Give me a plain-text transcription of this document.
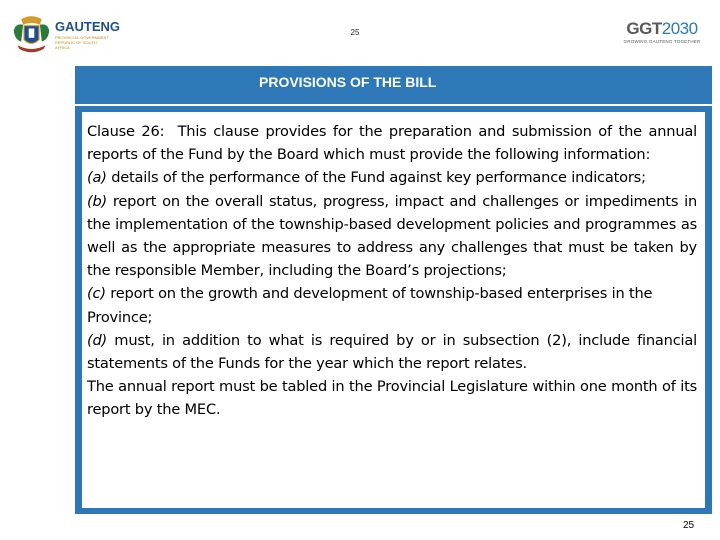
GAUTENG
PROVINCIAL GOVERNMENT
REPUBLIC OF SOUTH AFRICA
25	GGT2030
GROWING GAUTENG TOGETHER
PROVISIONS OF THE BILL

Clause 26: This clause provides for the preparation and submission of the annual reports of the Fund by the Board which must provide the following information:

(a) details of the performance of the Fund against key performance indicators;

(b) report on the overall status, progress, impact and challenges or impediments in the implementation of the township-based development policies and programmes as well as the appropriate measures to address any challenges that must be taken by the responsible Member, including the Board’s projections;

(c) report on the growth and development of township-based enterprises in the Province;

(d) must, in addition to what is required by or in subsection (2), include financial statements of the Funds for the year which the report relates.

The annual report must be tabled in the Provincial Legislature within one month of its report by the MEC.

25
